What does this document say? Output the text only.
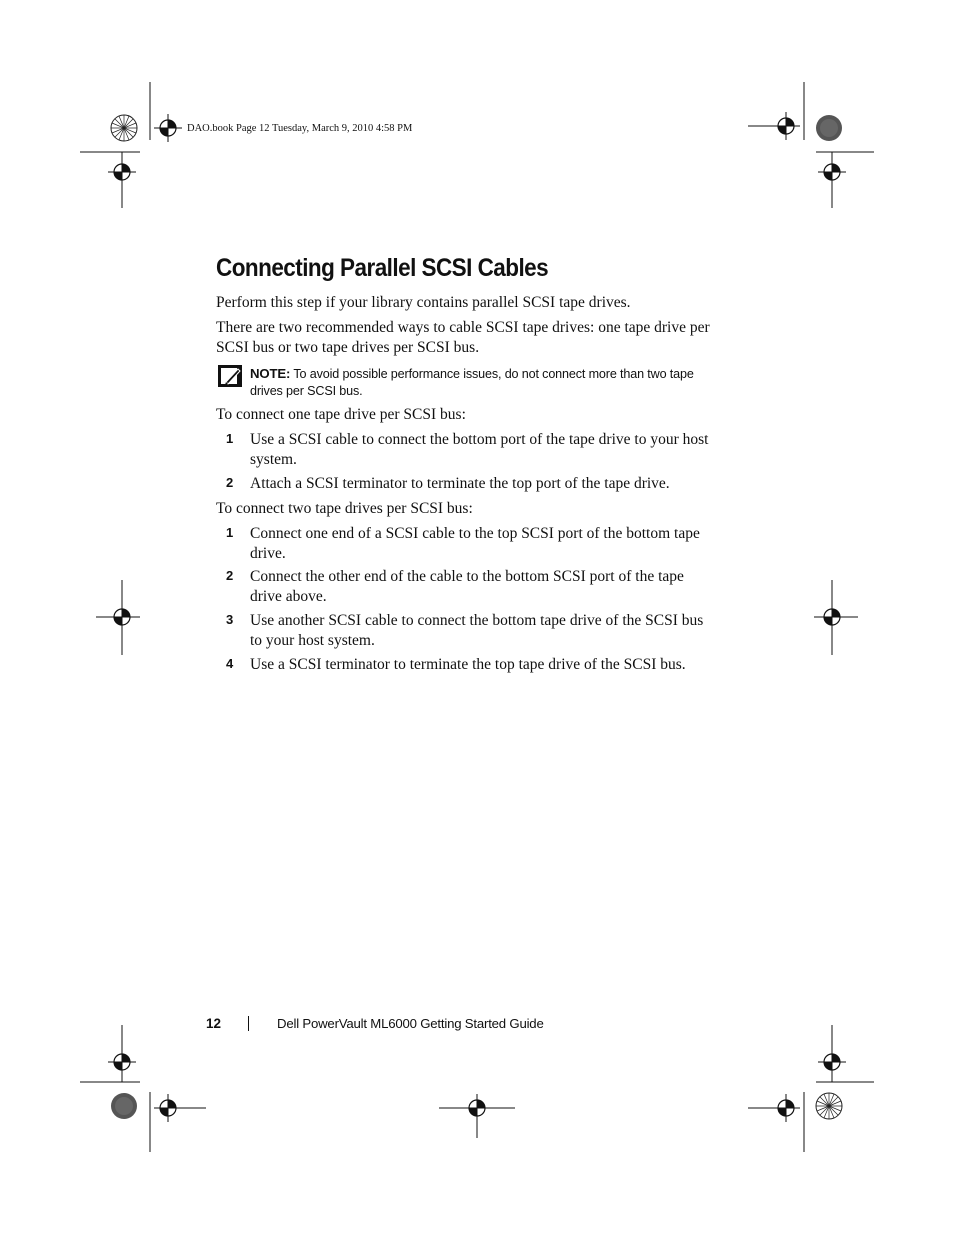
DAO.book Page 12 Tuesday, March 9, 2010 4:58 PM
Connecting Parallel SCSI Cables

Perform this step if your library contains parallel SCSI tape drives.

There are two recommended ways to cable SCSI tape drives: one tape drive per SCSI bus or two tape drives per SCSI bus.

NOTE: To avoid possible performance issues, do not connect more than two tape drives per SCSI bus.

To connect one tape drive per SCSI bus:

1 Use a SCSI cable to connect the bottom port of the tape drive to your host system.
2 Attach a SCSI terminator to terminate the top port of the tape drive.

To connect two tape drives per SCSI bus:

1 Connect one end of a SCSI cable to the top SCSI port of the bottom tape drive.
2 Connect the other end of the cable to the bottom SCSI port of the tape drive above.
3 Use another SCSI cable to connect the bottom tape drive of the SCSI bus to your host system.
4 Use a SCSI terminator to terminate the top tape drive of the SCSI bus.
12	Dell PowerVault ML6000 Getting Started Guide
